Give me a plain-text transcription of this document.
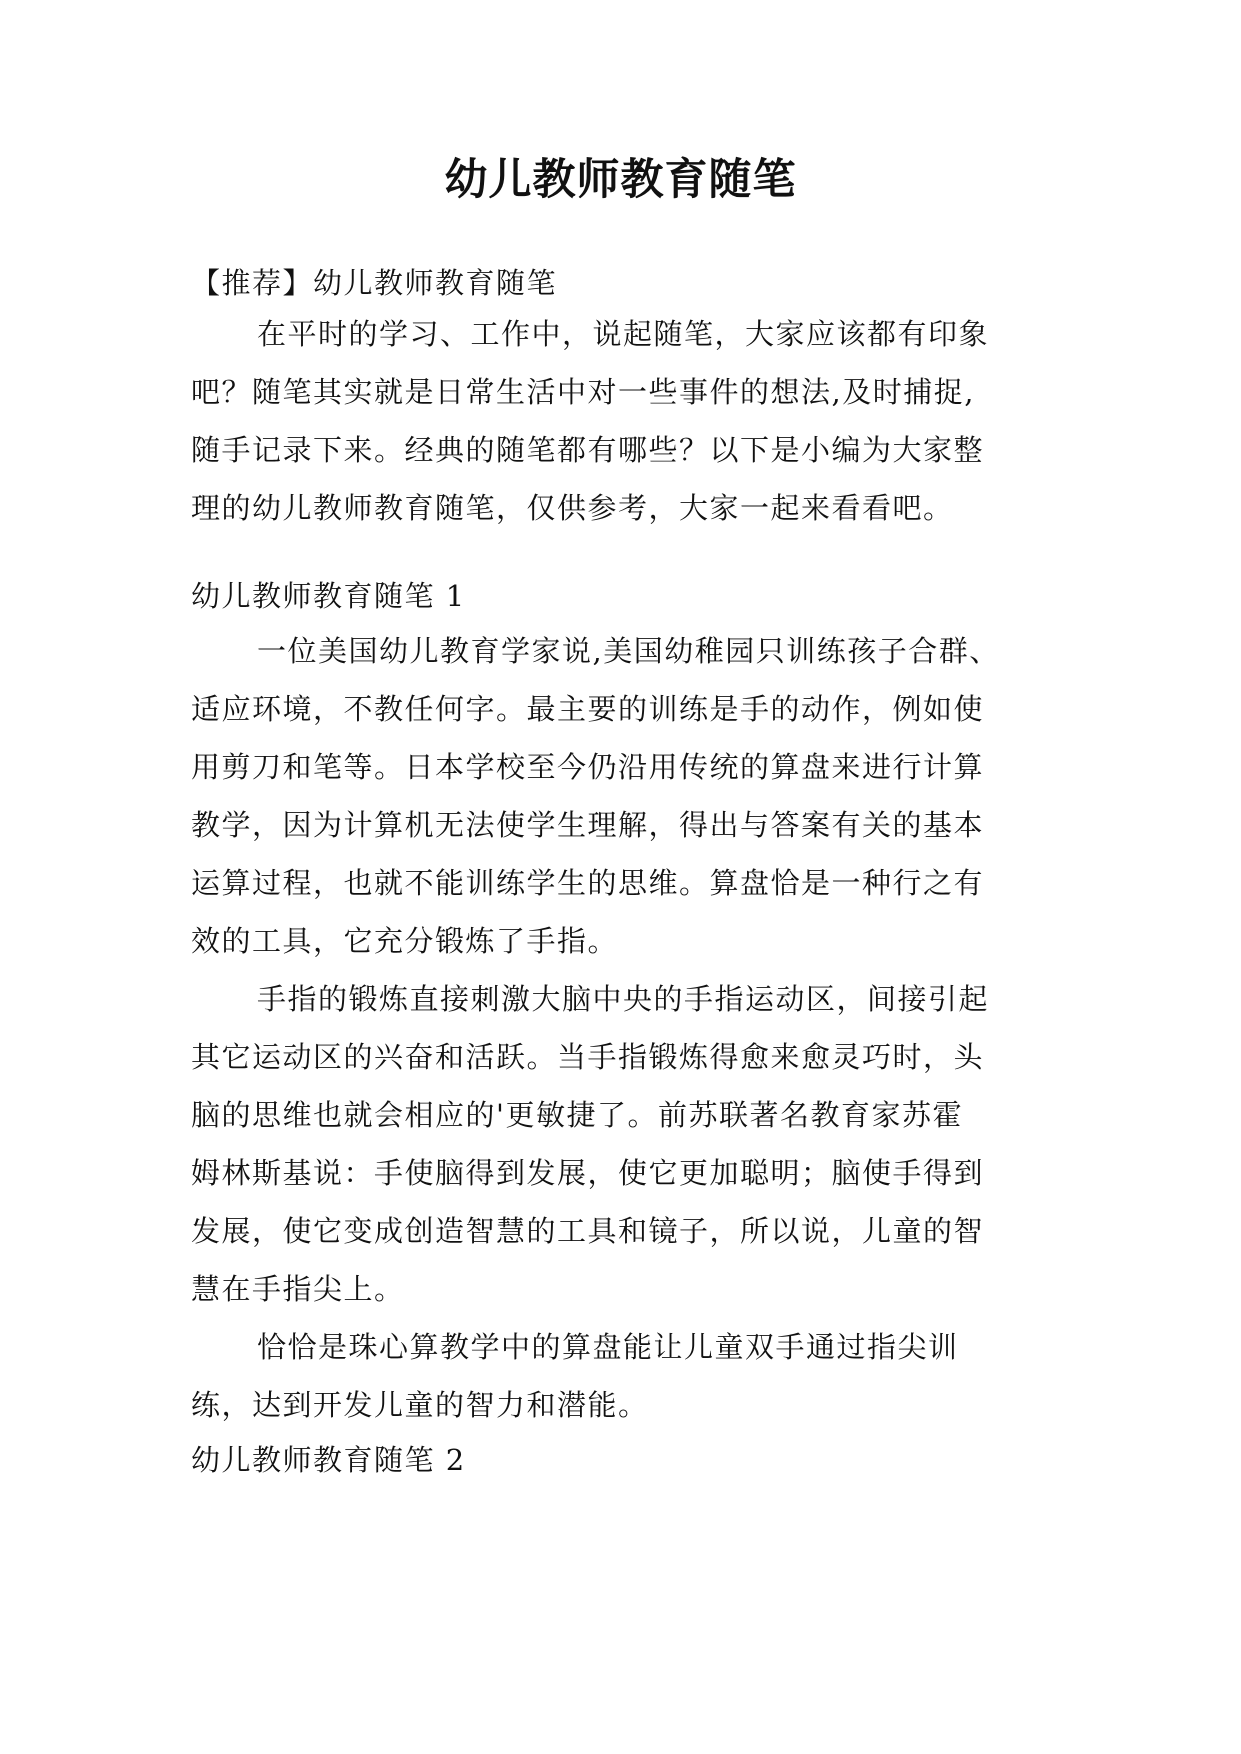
幼儿教师教育随笔
【推荐】幼儿教师教育随笔
在平时的学习、工作中，说起随笔，大家应该都有印象
吧？随笔其实就是日常生活中对一些事件的想法,及时捕捉,
随手记录下来。经典的随笔都有哪些？以下是小编为大家整
理的幼儿教师教育随笔，仅供参考，大家一起来看看吧。
幼儿教师教育随笔 1
一位美国幼儿教育学家说,美国幼稚园只训练孩子合群、
适应环境，不教任何字。最主要的训练是手的动作，例如使
用剪刀和笔等。日本学校至今仍沿用传统的算盘来进行计算
教学，因为计算机无法使学生理解，得出与答案有关的基本
运算过程，也就不能训练学生的思维。算盘恰是一种行之有
效的工具，它充分锻炼了手指。
手指的锻炼直接刺激大脑中央的手指运动区，间接引起
其它运动区的兴奋和活跃。当手指锻炼得愈来愈灵巧时，头
脑的思维也就会相应的'更敏捷了。前苏联著名教育家苏霍
姆林斯基说：手使脑得到发展，使它更加聪明；脑使手得到
发展，使它变成创造智慧的工具和镜子，所以说，儿童的智
慧在手指尖上。
恰恰是珠心算教学中的算盘能让儿童双手通过指尖训
练，达到开发儿童的智力和潜能。
幼儿教师教育随笔 2
